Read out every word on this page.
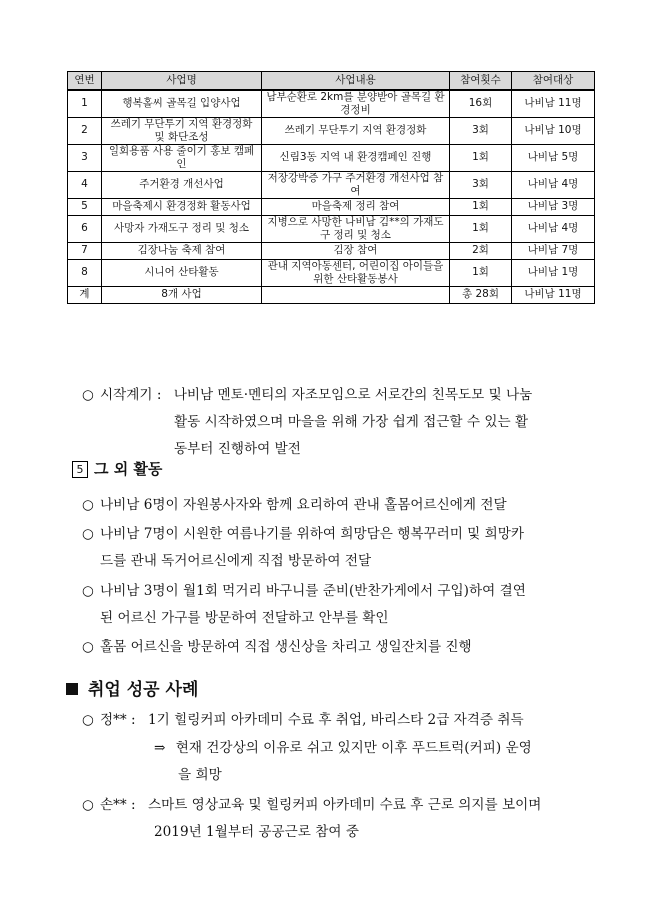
연번	사업명	사업내용	참여횟수	참여대상
1	행복홀씨 골목길 입양사업	남부순환로 2km를 분양받아 골목길 환경정비	16회	나비남 11명
2	쓰레기 무단투기 지역 환경정화 및 화단조성	쓰레기 무단투기 지역 환경정화	3회	나비남 10명
3	일회용품 사용 줄이기 홍보 캠페인	신림3동 지역 내 환경캠페인 진행	1회	나비남 5명
4	주거환경 개선사업	저장강박증 가구 주거환경 개선사업 참여	3회	나비남 4명
5	마을축제시 환경정화 활동사업	마을축제 정리 참여	1회	나비남 3명
6	사망자 가재도구 정리 및 청소	지병으로 사망한 나비남 김**의 가재도구 정리 및 청소	1회	나비남 4명
7	김장나눔 축제 참여	김장 참여	2회	나비남 7명
8	시니어 산타활동	관내 지역아동센터, 어린이집 아이들을 위한 산타활동봉사	1회	나비남 1명
계	8개 사업		총 28회	나비남 11명
○ 시작계기 : 나비남 멘토·멘티의 자조모임으로 서로간의 친목도모 및 나눔
활동 시작하였으며 마을을 위해 가장 쉽게 접근할 수 있는 활
동부터 진행하여 발전
5 그 외 활동
○ 나비남 6명이 자원봉사자와 함께 요리하여 관내 홀몸어르신에게 전달
○ 나비남 7명이 시원한 여름나기를 위하여 희망담은 행복꾸러미 및 희망카
드를 관내 독거어르신에게 직접 방문하여 전달
○ 나비남 3명이 월1회 먹거리 바구니를 준비(반찬가게에서 구입)하여 결연
된 어르신 가구를 방문하여 전달하고 안부를 확인
○ 홀몸 어르신을 방문하여 직접 생신상을 차리고 생일잔치를 진행
취업 성공 사례
○ 정** : 1기 힐링커피 아카데미 수료 후 취업, 바리스타 2급 자격증 취득
⇒ 현재 건강상의 이유로 쉬고 있지만 이후 푸드트럭(커피) 운영
을 희망
○ 손** : 스마트 영상교육 및 힐링커피 아카데미 수료 후 근로 의지를 보이며
2019년 1월부터 공공근로 참여 중
